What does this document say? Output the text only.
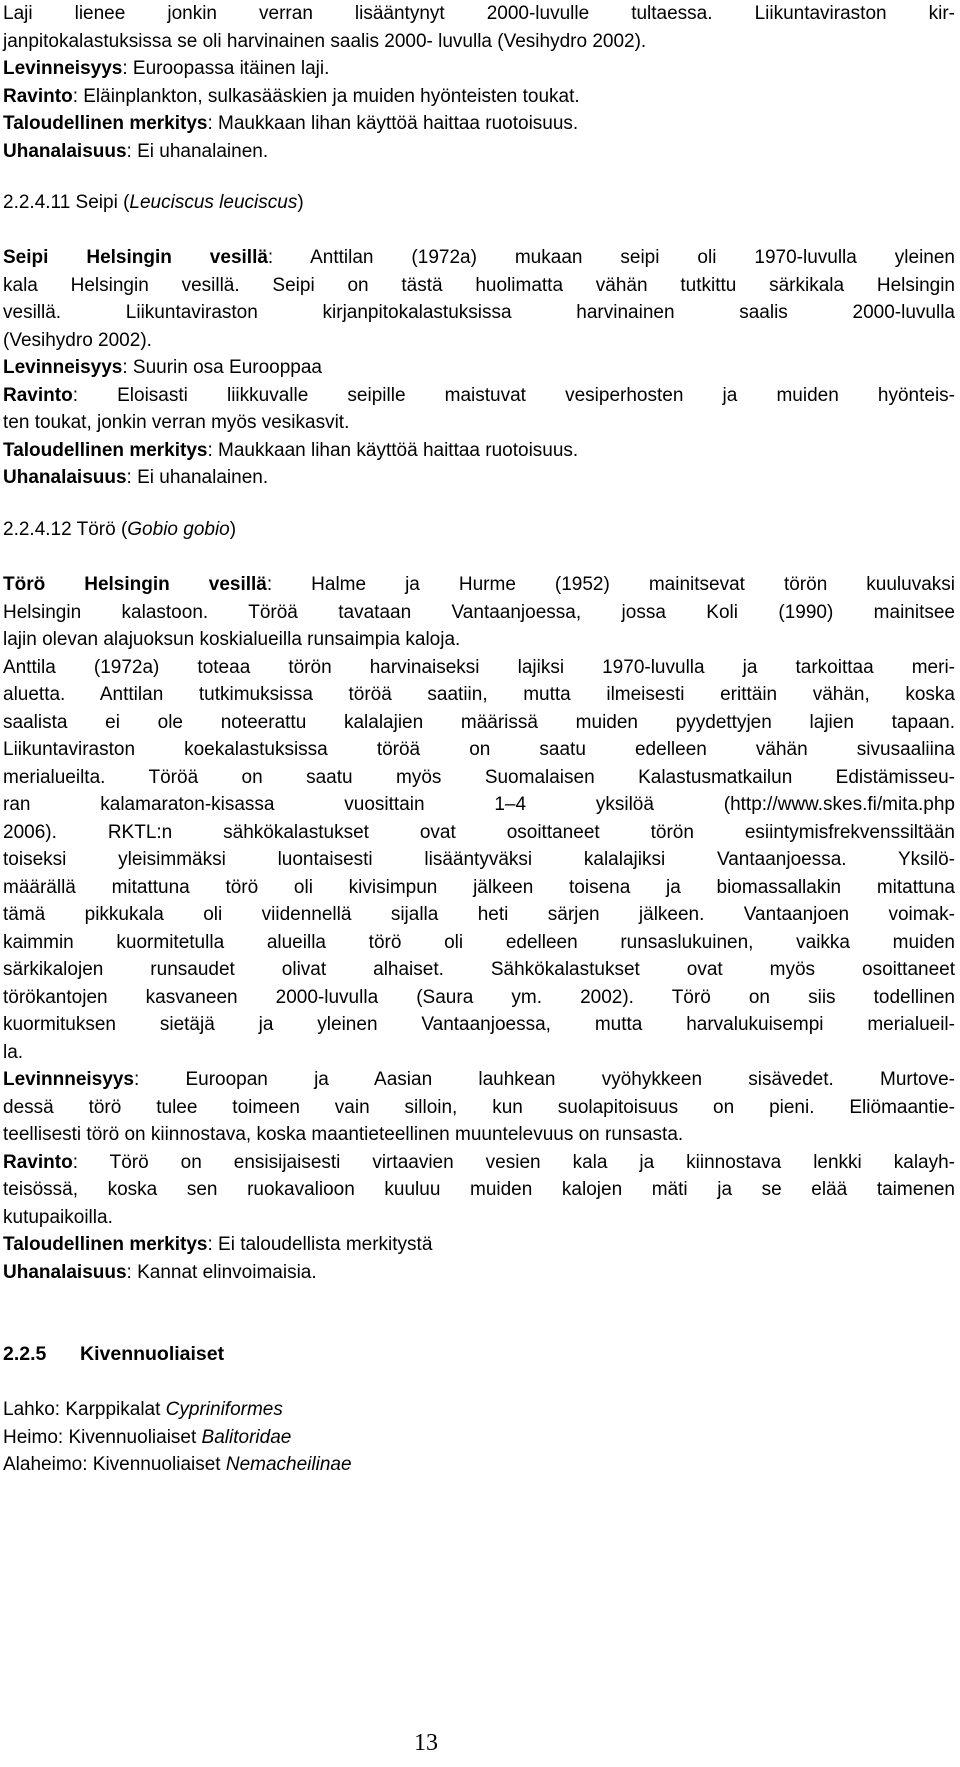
Laji lienee jonkin verran lisääntynyt 2000-luvulle tultaessa. Liikuntaviraston kir-
janpitokalastuksissa se oli harvinainen saalis 2000- luvulla (Vesihydro 2002).
Levinneisyys: Euroopassa itäinen laji.
Ravinto: Eläinplankton, sulkasääskien ja muiden hyönteisten toukat.
Taloudellinen merkitys: Maukkaan lihan käyttöä haittaa ruotoisuus.
Uhanalaisuus: Ei uhanalainen.
2.2.4.11 Seipi (Leuciscus leuciscus)
Seipi Helsingin vesillä: Anttilan (1972a) mukaan seipi oli 1970-luvulla yleinen
kala Helsingin vesillä. Seipi on tästä huolimatta vähän tutkittu särkikala Helsingin
vesillä. Liikuntaviraston kirjanpitokalastuksissa harvinainen saalis 2000-luvulla
(Vesihydro 2002).
Levinneisyys: Suurin osa Eurooppaa
Ravinto: Eloisasti liikkuvalle seipille maistuvat vesiperhosten ja muiden hyönteis-
ten toukat, jonkin verran myös vesikasvit.
Taloudellinen merkitys: Maukkaan lihan käyttöä haittaa ruotoisuus.
Uhanalaisuus: Ei uhanalainen.
2.2.4.12 Törö (Gobio gobio)
Törö Helsingin vesillä: Halme ja Hurme (1952) mainitsevat törön kuuluvaksi
Helsingin kalastoon. Töröä tavataan Vantaanjoessa, jossa Koli (1990) mainitsee
lajin olevan alajuoksun koskialueilla runsaimpia kaloja.
Anttila (1972a) toteaa törön harvinaiseksi lajiksi 1970-luvulla ja tarkoittaa meri-
aluetta. Anttilan tutkimuksissa töröä saatiin, mutta ilmeisesti erittäin vähän, koska
saalista ei ole noteerattu kalalajien määrissä muiden pyydettyjen lajien tapaan.
Liikuntaviraston koekalastuksissa töröä on saatu edelleen vähän sivusaaliina
merialueilta. Töröä on saatu myös Suomalaisen Kalastusmatkailun Edistämisseu-
ran kalamaraton-kisassa vuosittain 1–4 yksilöä (http://www.skes.fi/mita.php
2006). RKTL:n sähkökalastukset ovat osoittaneet törön esiintymisfrekvenssiltään
toiseksi yleisimmäksi luontaisesti lisääntyväksi kalalajiksi Vantaanjoessa. Yksilö-
määrällä mitattuna törö oli kivisimpun jälkeen toisena ja biomassallakin mitattuna
tämä pikkukala oli viidennellä sijalla heti särjen jälkeen. Vantaanjoen voimak-
kaimmin kuormitetulla alueilla törö oli edelleen runsaslukuinen, vaikka muiden
särkikalojen runsaudet olivat alhaiset. Sähkökalastukset ovat myös osoittaneet
törökantojen kasvaneen 2000-luvulla (Saura ym. 2002). Törö on siis todellinen
kuormituksen sietäjä ja yleinen Vantaanjoessa, mutta harvalukuisempi merialueil-
la.
Levinnneisyys: Euroopan ja Aasian lauhkean vyöhykkeen sisävedet. Murtove-
dessä törö tulee toimeen vain silloin, kun suolapitoisuus on pieni. Eliömaantie-
teellisesti törö on kiinnostava, koska maantieteellinen muuntelevuus on runsasta.
Ravinto: Törö on ensisijaisesti virtaavien vesien kala ja kiinnostava lenkki kalayh-
teisössä, koska sen ruokavalioon kuuluu muiden kalojen mäti ja se elää taimenen
kutupaikoilla.
Taloudellinen merkitys: Ei taloudellista merkitystä
Uhanalaisuus: Kannat elinvoimaisia.
2.2.5 Kivennuoliaiset
Lahko: Karppikalat Cypriniformes
Heimo: Kivennuoliaiset Balitoridae
Alaheimo: Kivennuoliaiset Nemacheilinae
13
